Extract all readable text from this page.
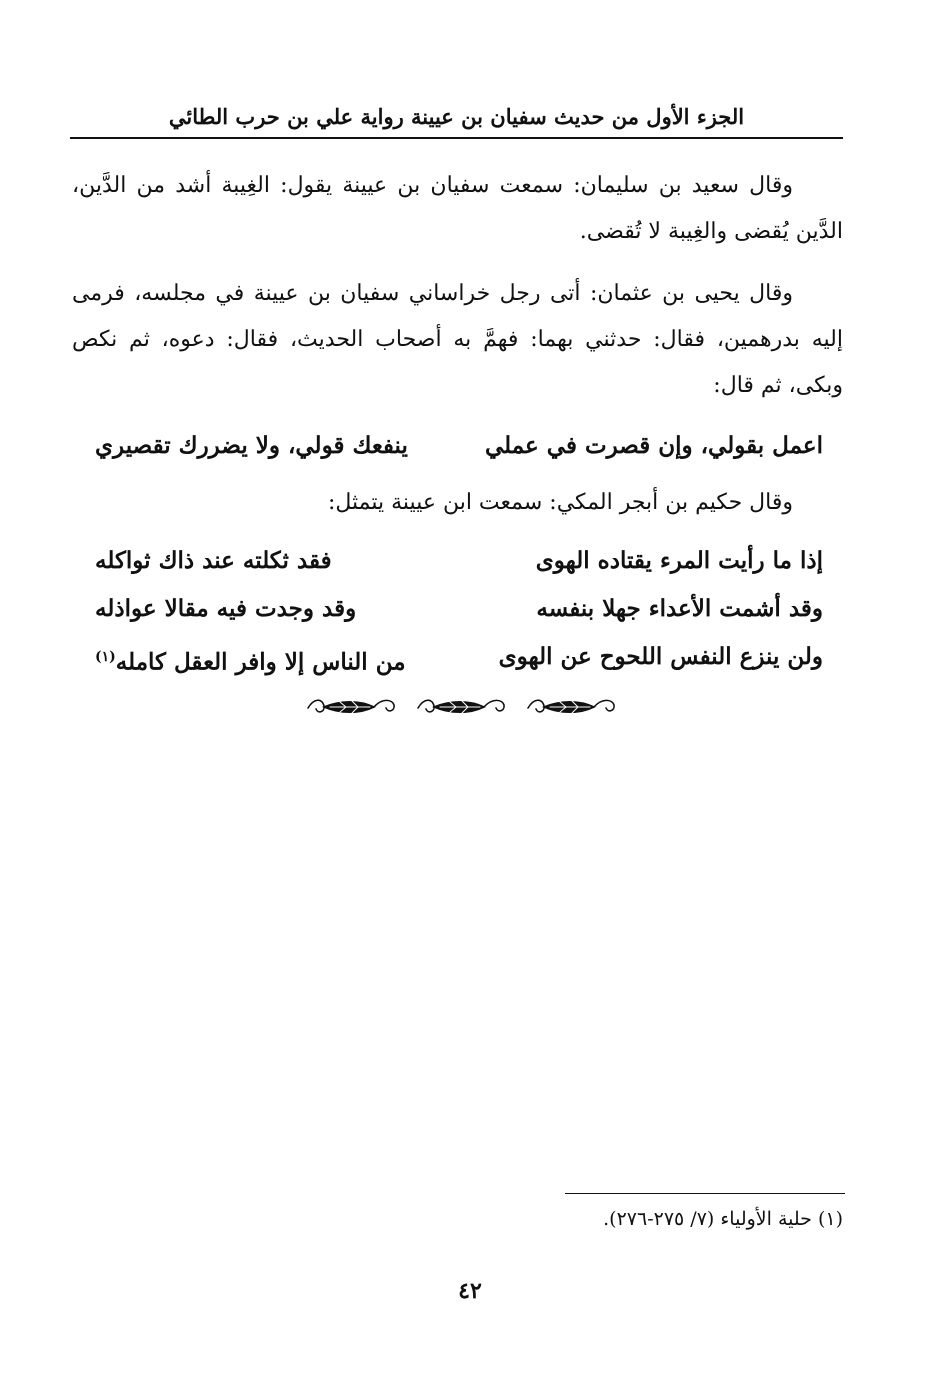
الجزء الأول من حديث سفيان بن عيينة رواية علي بن حرب الطائي

وقال سعيد بن سليمان: سمعت سفيان بن عيينة يقول: الغِيبة أشد من الدَّين، الدَّين يُقضى والغِيبة لا تُقضى.

وقال يحيى بن عثمان: أتى رجل خراساني سفيان بن عيينة في مجلسه، فرمى إليه بدرهمين، فقال: حدثني بهما: فهمَّ به أصحاب الحديث، فقال: دعوه، ثم نكص وبكى، ثم قال:

اعمل بقولي، وإن قصرت في عملي
ينفعك قولي، ولا يضررك تقصيري

وقال حكيم بن أبجر المكي: سمعت ابن عيينة يتمثل:

إذا ما رأيت المرء يقتاده الهوى
فقد ثكلته عند ذاك ثواكله
وقد أشمت الأعداء جهلا بنفسه
وقد وجدت فيه مقالا عواذله
ولن ينزع النفس اللحوح عن الهوى
من الناس إلا وافر العقل كامله$^{(١)}$
(١) حلية الأولياء (٧/ ٢٧٥-٢٧٦).
٤٢
